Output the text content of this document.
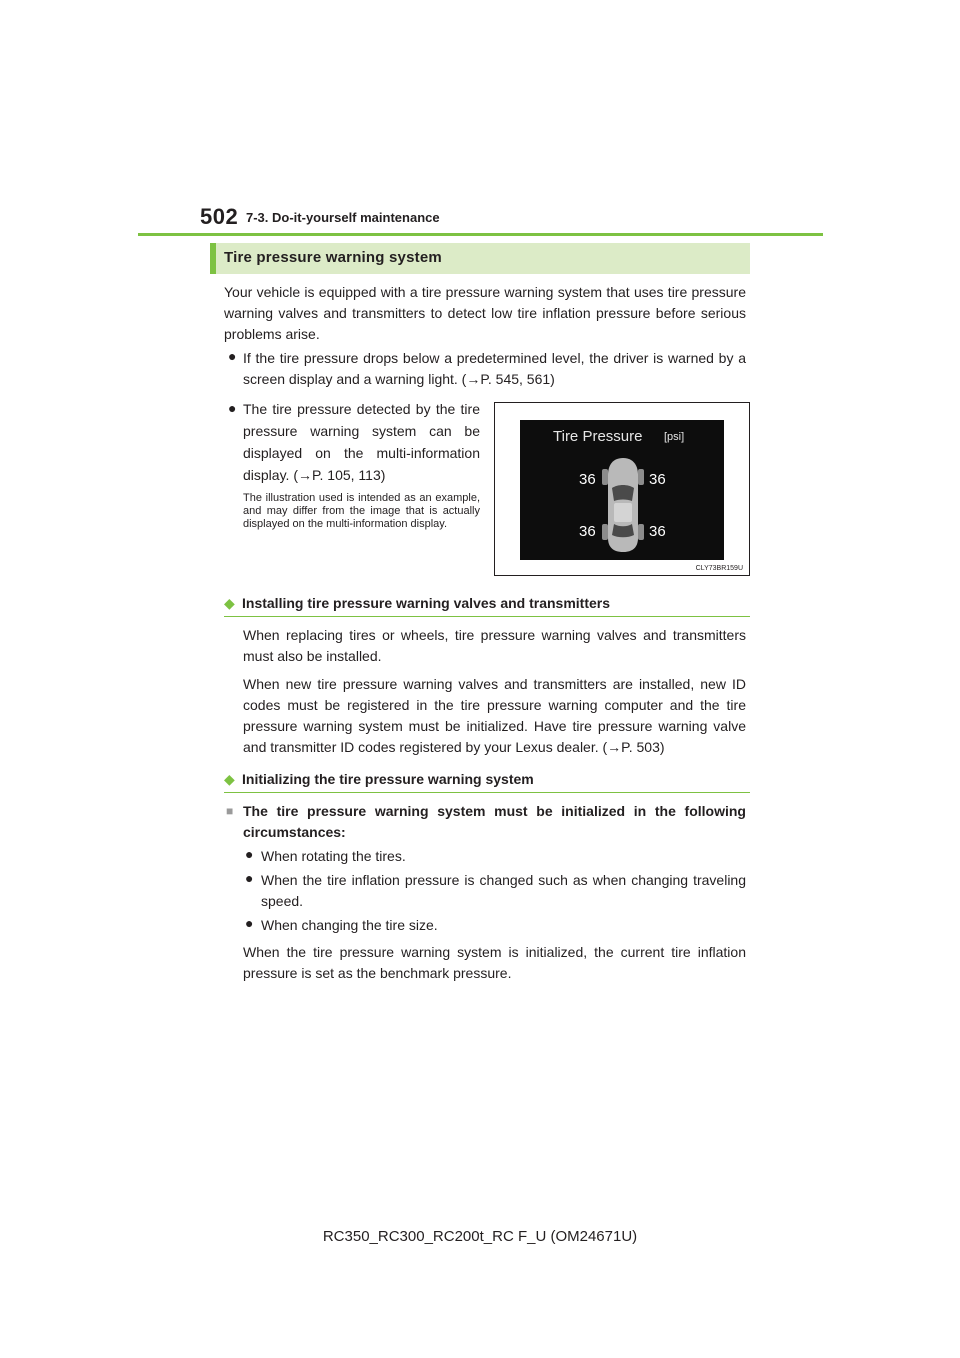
502 7-3. Do-it-yourself maintenance
Tire pressure warning system
Your vehicle is equipped with a tire pressure warning system that uses tire pressure warning valves and transmitters to detect low tire inflation pressure before serious problems arise.
● If the tire pressure drops below a predetermined level, the driver is warned by a screen display and a warning light. (→P. 545, 561)
● The tire pressure detected by the tire pressure warning system can be displayed on the multi-information display. (→P. 105, 113)
The illustration used is intended as an example, and may differ from the image that is actually displayed on the multi-information display.
Tire Pressure [psi]
36	36
36	36
CLY73BR159U
◆ Installing tire pressure warning valves and transmitters
When replacing tires or wheels, tire pressure warning valves and transmitters must also be installed.
When new tire pressure warning valves and transmitters are installed, new ID codes must be registered in the tire pressure warning computer and the tire pressure warning system must be initialized. Have tire pressure warning valve and transmitter ID codes registered by your Lexus dealer. (→P. 503)
◆ Initializing the tire pressure warning system
■ The tire pressure warning system must be initialized in the following circumstances:
● When rotating the tires.
● When the tire inflation pressure is changed such as when changing traveling speed.
● When changing the tire size.
When the tire pressure warning system is initialized, the current tire inflation pressure is set as the benchmark pressure.
RC350_RC300_RC200t_RC F_U (OM24671U)
